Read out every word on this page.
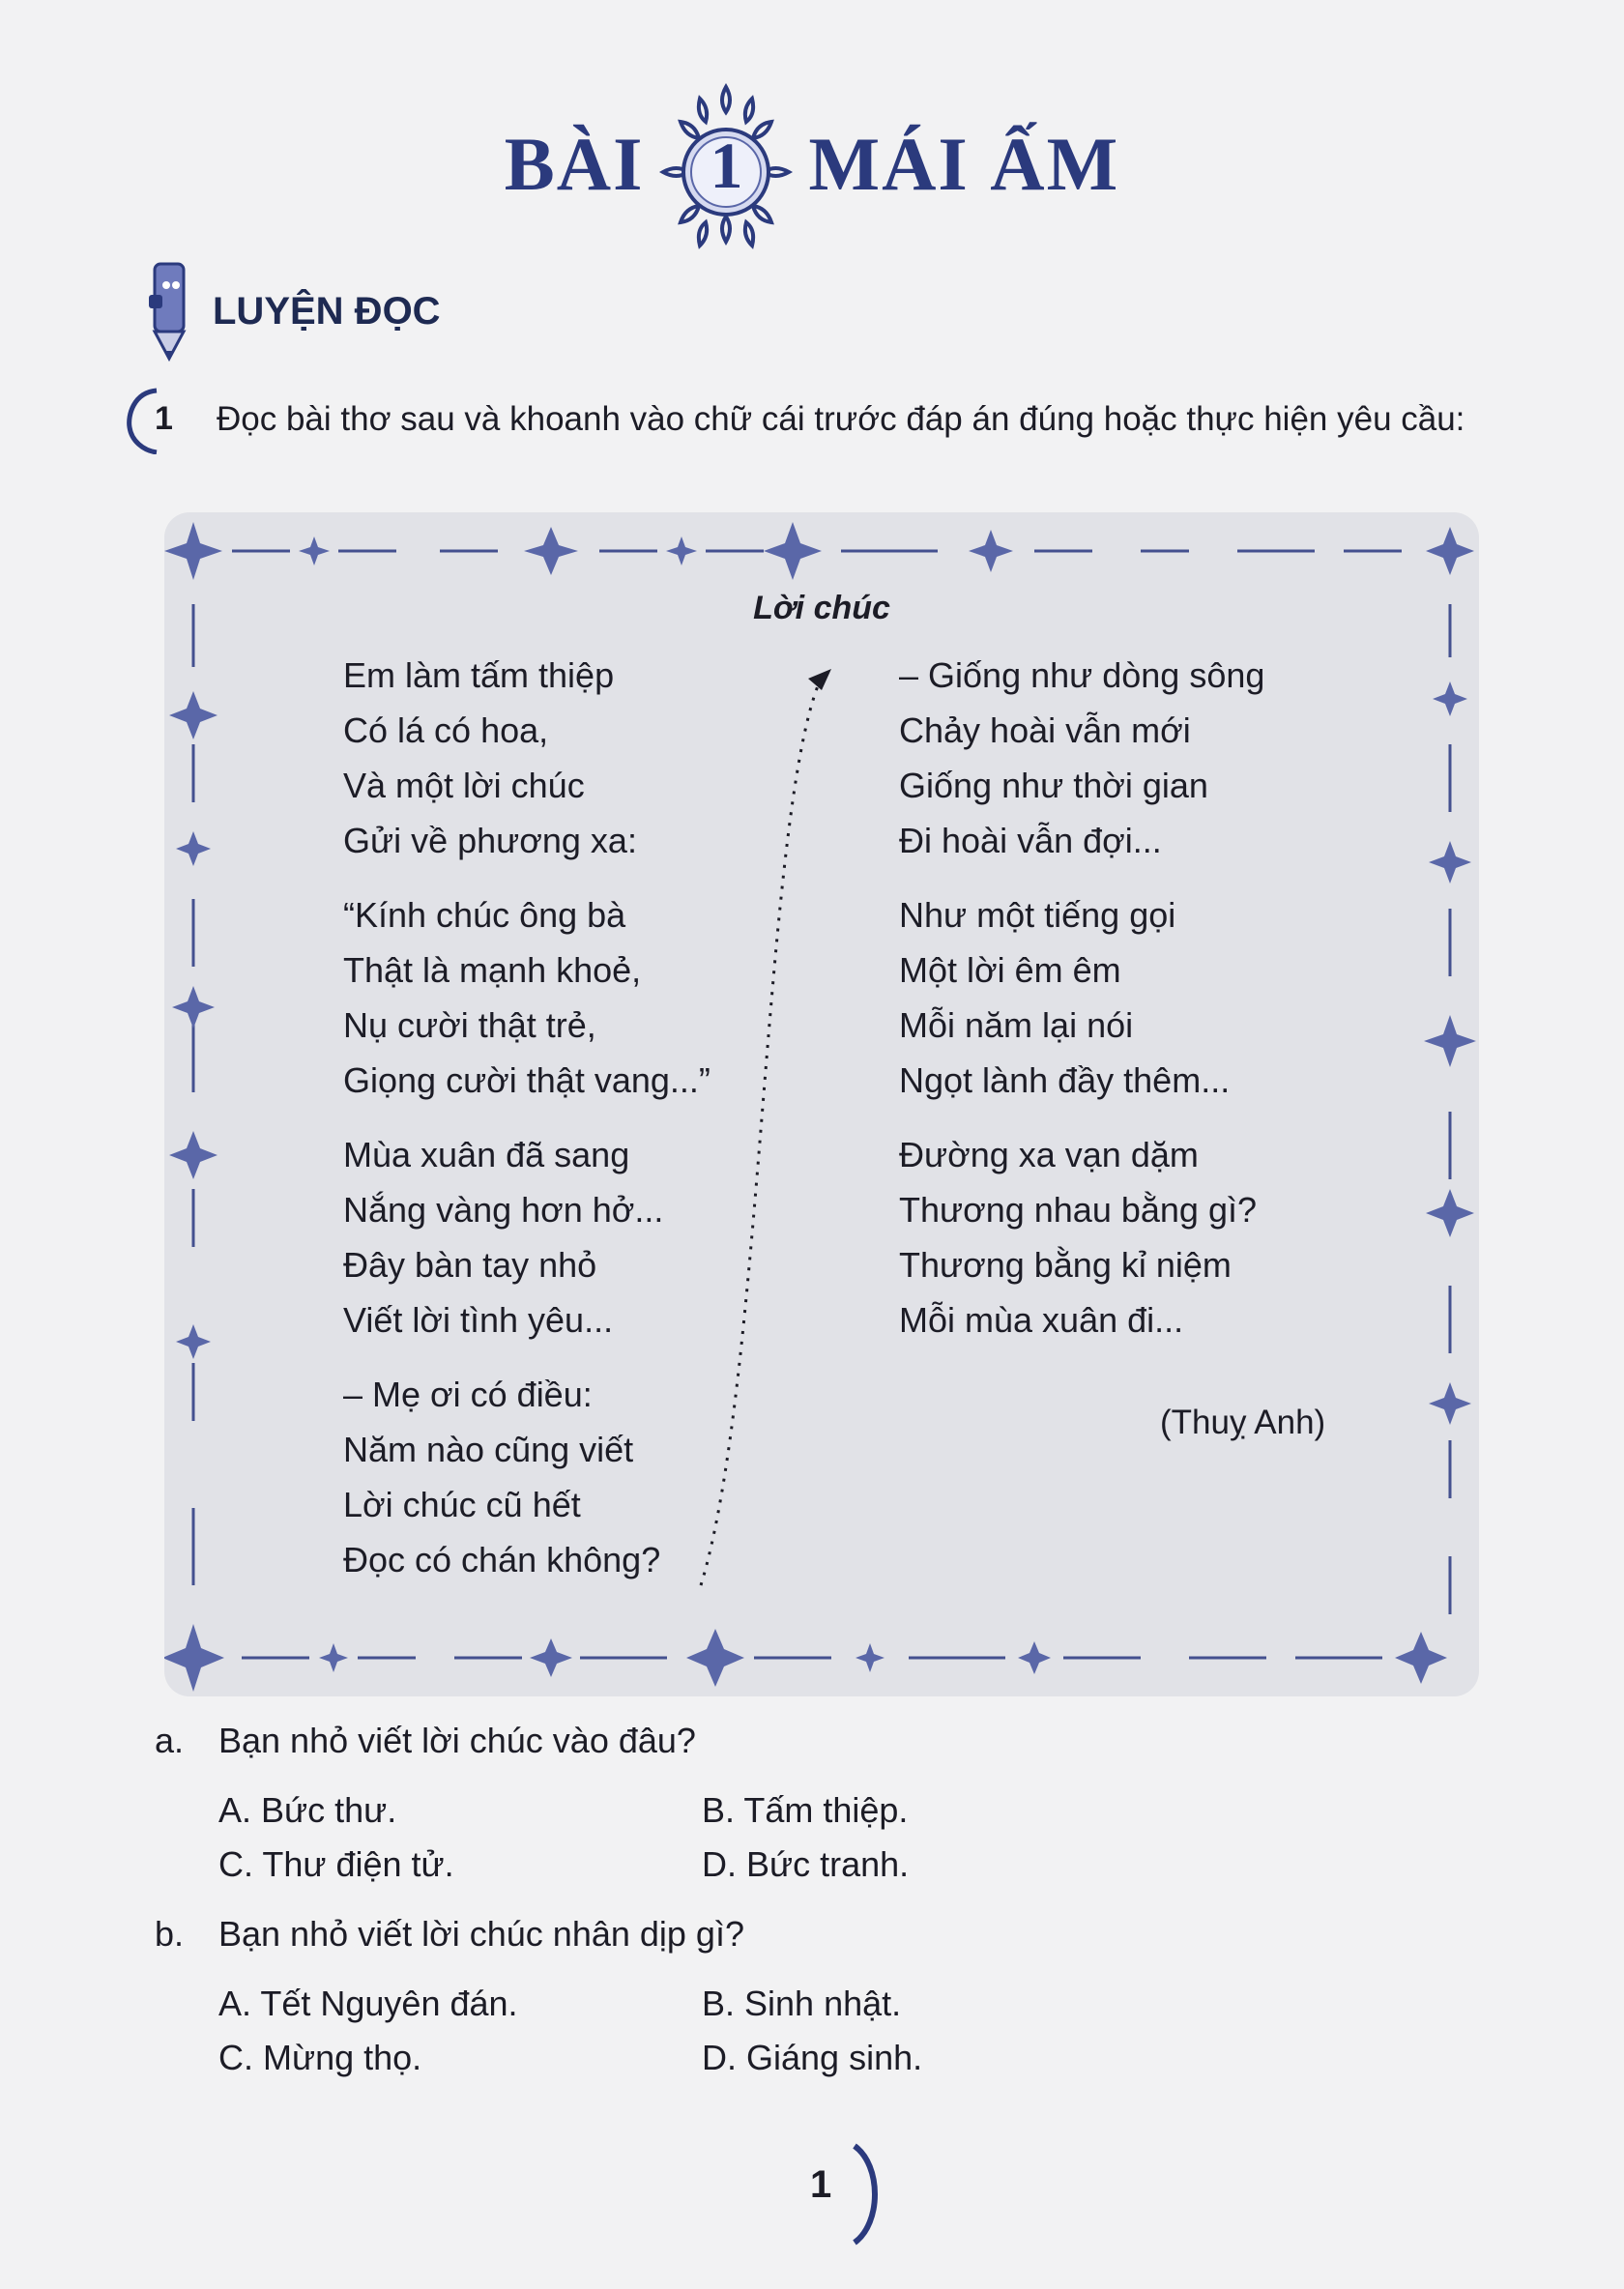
BÀI	1 MÁI ẤM
LUYỆN ĐỌC
1 Đọc bài thơ sau và khoanh vào chữ cái trước đáp án đúng hoặc thực hiện yêu cầu:
Lời chúc
Em làm tấm thiệp
Có lá có hoa,
Và một lời chúc
Gửi về phương xa:
“Kính chúc ông bà
Thật là mạnh khoẻ,
Nụ cười thật trẻ,
Giọng cười thật vang...”
Mùa xuân đã sang
Nắng vàng hơn hở...
Đây bàn tay nhỏ
Viết lời tình yêu...
– Mẹ ơi có điều:
Năm nào cũng viết
Lời chúc cũ hết
Đọc có chán không?
– Giống như dòng sông
Chảy hoài vẫn mới
Giống như thời gian
Đi hoài vẫn đợi...
Như một tiếng gọi
Một lời êm êm
Mỗi năm lại nói
Ngọt lành đầy thêm...
Đường xa vạn dặm
Thương nhau bằng gì?
Thương bằng kỉ niệm
Mỗi mùa xuân đi...
(Thuỵ Anh)
a. Bạn nhỏ viết lời chúc vào đâu?
A. Bức thư.	B. Tấm thiệp.
C. Thư điện tử.	D. Bức tranh.
b. Bạn nhỏ viết lời chúc nhân dịp gì?
A. Tết Nguyên đán.	B. Sinh nhật.
C. Mừng thọ.	D. Giáng sinh.
1
